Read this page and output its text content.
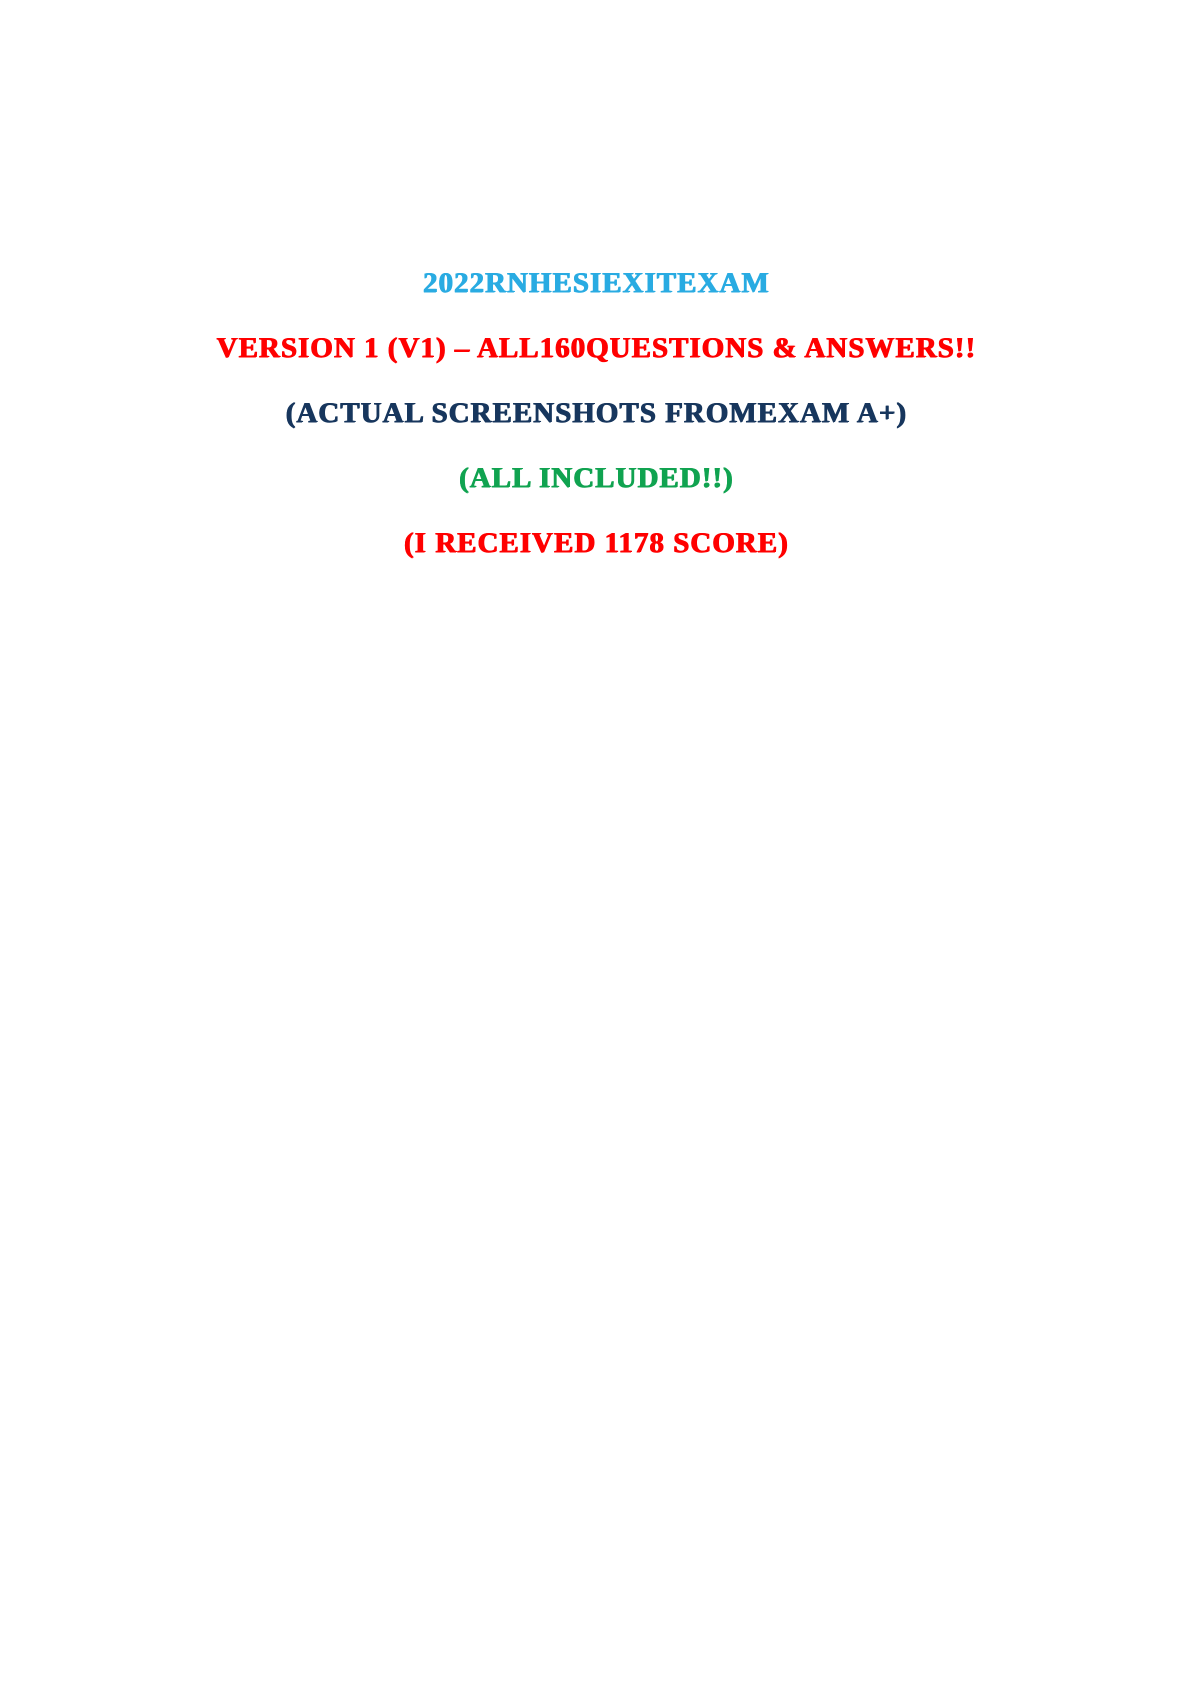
2022RNHESIEXITEXAM

VERSION 1 (V1) – ALL160QUESTIONS & ANSWERS!!

(ACTUAL SCREENSHOTS FROMEXAM A+)

(ALL INCLUDED!!)

(I RECEIVED 1178 SCORE)
